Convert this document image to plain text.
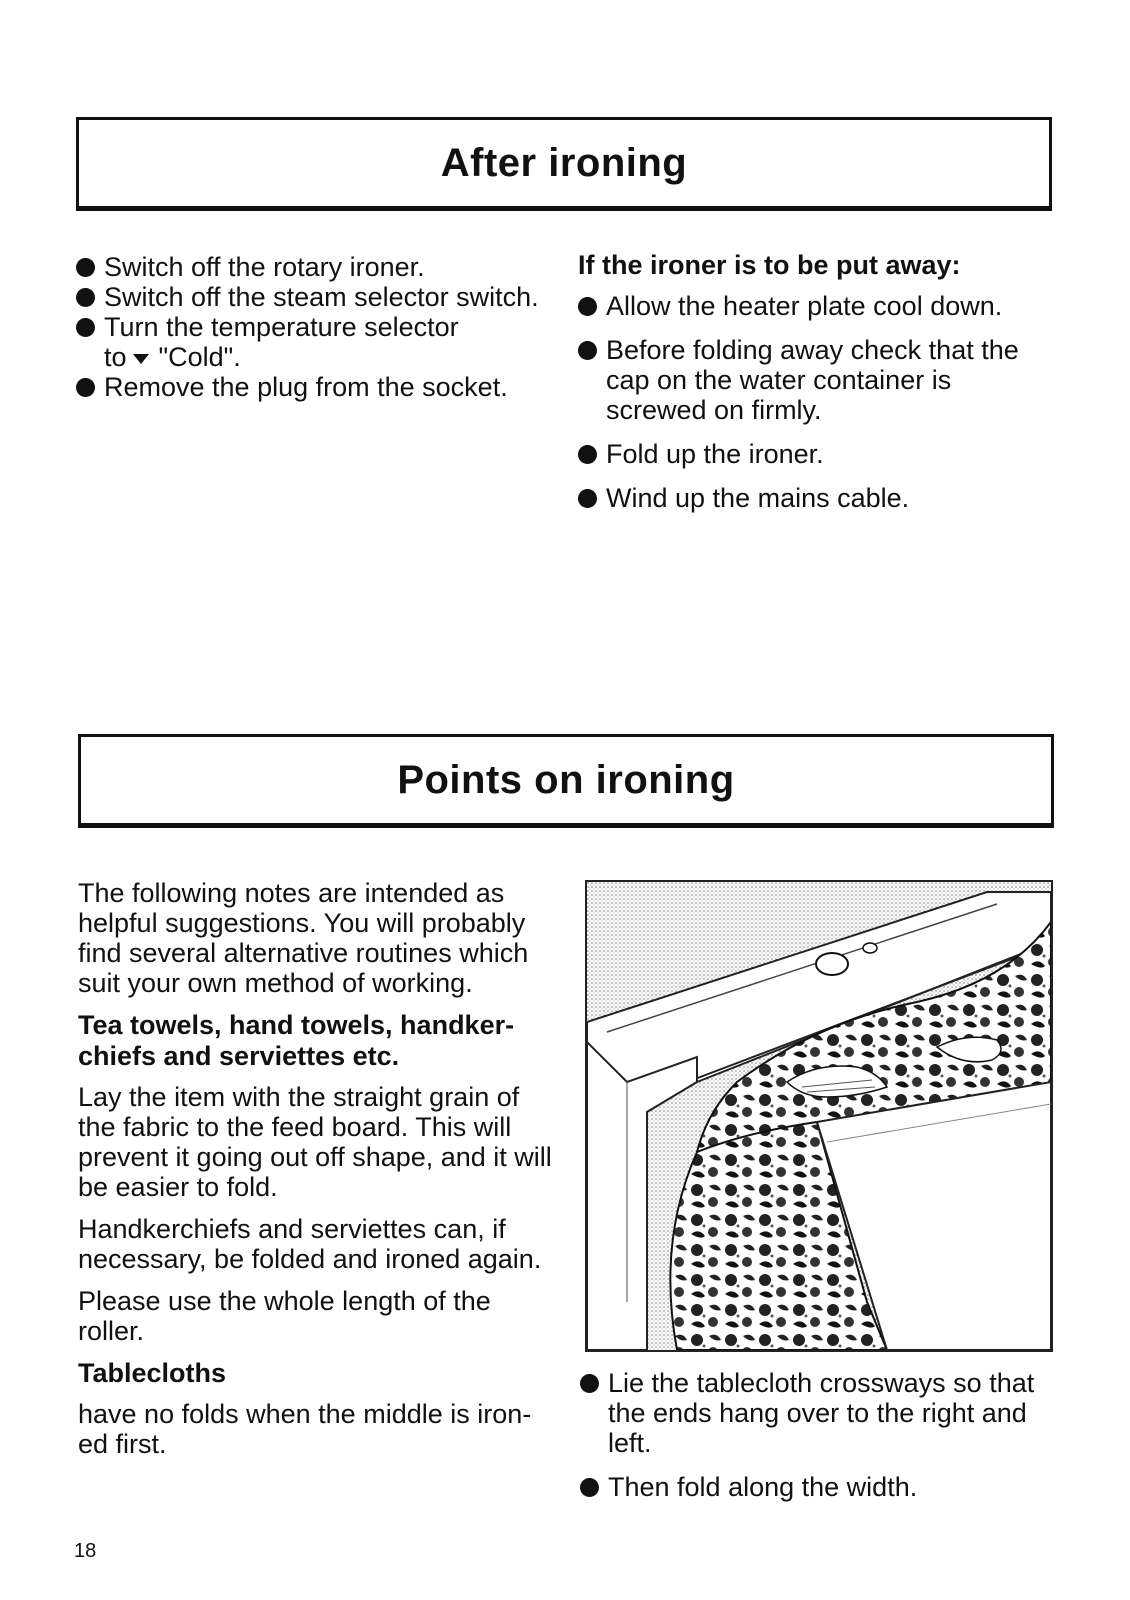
After ironing
Switch off the rotary ironer.
Switch off the steam selector switch.
Turn the temperature selector
to "Cold".
Remove the plug from the socket.

If the ironer is to be put away:

Allow the heater plate cool down.
Before folding away check that the cap on the water container is screwed on firmly.
Fold up the ironer.
Wind up the mains cable.
Points on ironing

The following notes are intended as helpful suggestions. You will probably find several alternative routines which suit your own method of working.

Tea towels, hand towels, handker-chiefs and serviettes etc.

Lay the item with the straight grain of the fabric to the feed board. This will prevent it going out off shape, and it will be easier to fold.

Handkerchiefs and serviettes can, if necessary, be folded and ironed again.

Please use the whole length of the roller.

Tablecloths

have no folds when the middle is iron-ed first.

Lie the tablecloth crossways so that the ends hang over to the right and left.
Then fold along the width.
18
